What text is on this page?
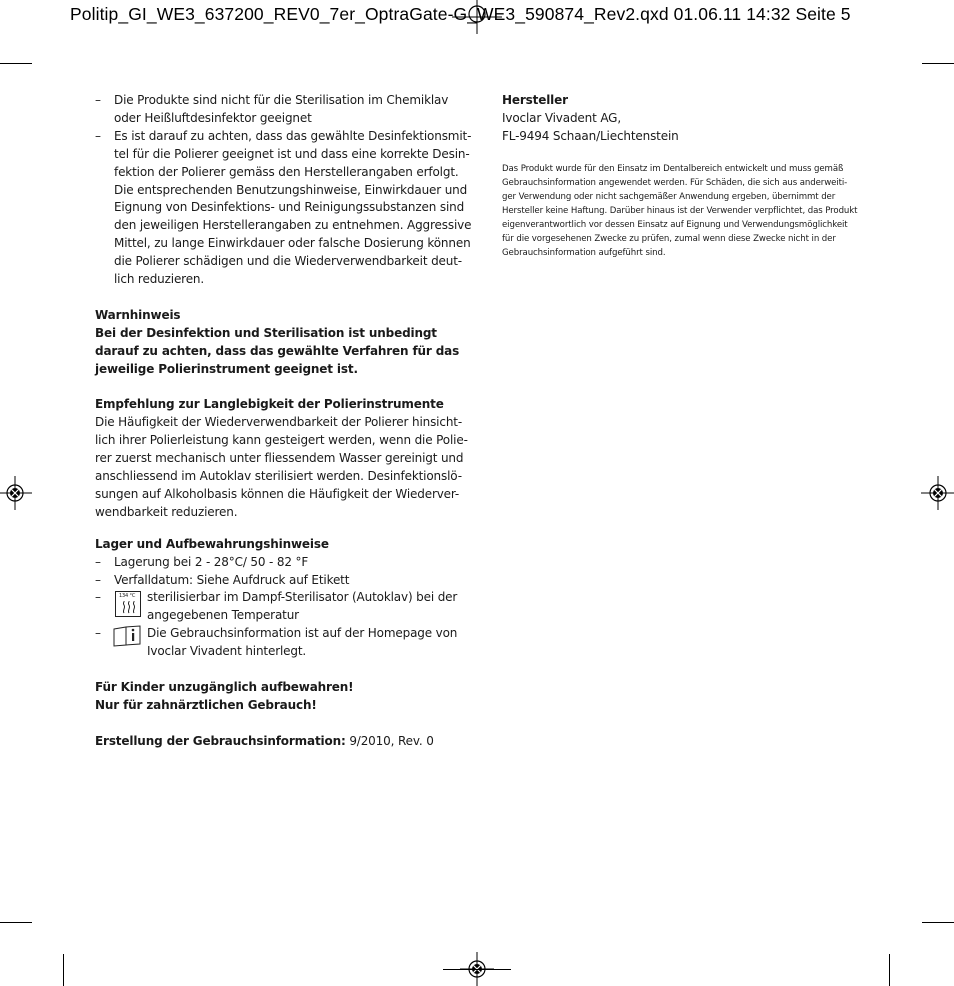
Politip_GI_WE3_637200_REV0_7er_OptraGate-G_WE3_590874_Rev2.qxd 01.06.11 14:32 Seite 5
– Die Produkte sind nicht für die Sterilisation im Chemiklav
oder Heißluftdesinfektor geeignet
– Es ist darauf zu achten, dass das gewählte Desinfektionsmit-
tel für die Polierer geeignet ist und dass eine korrekte Desin-
fektion der Polierer gemäss den Herstellerangaben erfolgt.
Die entsprechenden Benutzungshinweise, Einwirkdauer und
Eignung von Desinfektions- und Reinigungssubstanzen sind
den jeweiligen Herstellerangaben zu entnehmen. Aggressive
Mittel, zu lange Einwirkdauer oder falsche Dosierung können
die Polierer schädigen und die Wiederverwendbarkeit deut-
lich reduzieren.
Warnhinweis
Bei der Desinfektion und Sterilisation ist unbedingt
darauf zu achten, dass das gewählte Verfahren für das
jeweilige Polierinstrument geeignet ist.
Empfehlung zur Langlebigkeit der Polierinstrumente
Die Häufigkeit der Wiederverwendbarkeit der Polierer hinsicht-
lich ihrer Polierleistung kann gesteigert werden, wenn die Polie-
rer zuerst mechanisch unter fliessendem Wasser gereinigt und
anschliessend im Autoklav sterilisiert werden. Desinfektionslö-
sungen auf Alkoholbasis können die Häufigkeit der Wiederver-
wendbarkeit reduzieren.
Lager und Aufbewahrungshinweise
– Lagerung bei 2 - 28°C/ 50 - 82 °F
– Verfalldatum: Siehe Aufdruck auf Etikett
–	134 °C sterilisierbar im Dampf-Sterilisator (Autoklav) bei der
angegebenen Temperatur
–	Die Gebrauchsinformation ist auf der Homepage von
Ivoclar Vivadent hinterlegt.
Für Kinder unzugänglich aufbewahren!
Nur für zahnärztlichen Gebrauch!
Erstellung der Gebrauchsinformation: 9/2010, Rev. 0
Hersteller
Ivoclar Vivadent AG,
FL-9494 Schaan/Liechtenstein
Das Produkt wurde für den Einsatz im Dentalbereich entwickelt und muss gemäß
Gebrauchsinformation angewendet werden. Für Schäden, die sich aus anderweiti-
ger Verwendung oder nicht sachgemäßer Anwendung ergeben, übernimmt der
Hersteller keine Haftung. Darüber hinaus ist der Verwender verpflichtet, das Produkt
eigenverantwortlich vor dessen Einsatz auf Eignung und Verwendungsmöglichkeit
für die vorgesehenen Zwecke zu prüfen, zumal wenn diese Zwecke nicht in der
Gebrauchsinformation aufgeführt sind.
